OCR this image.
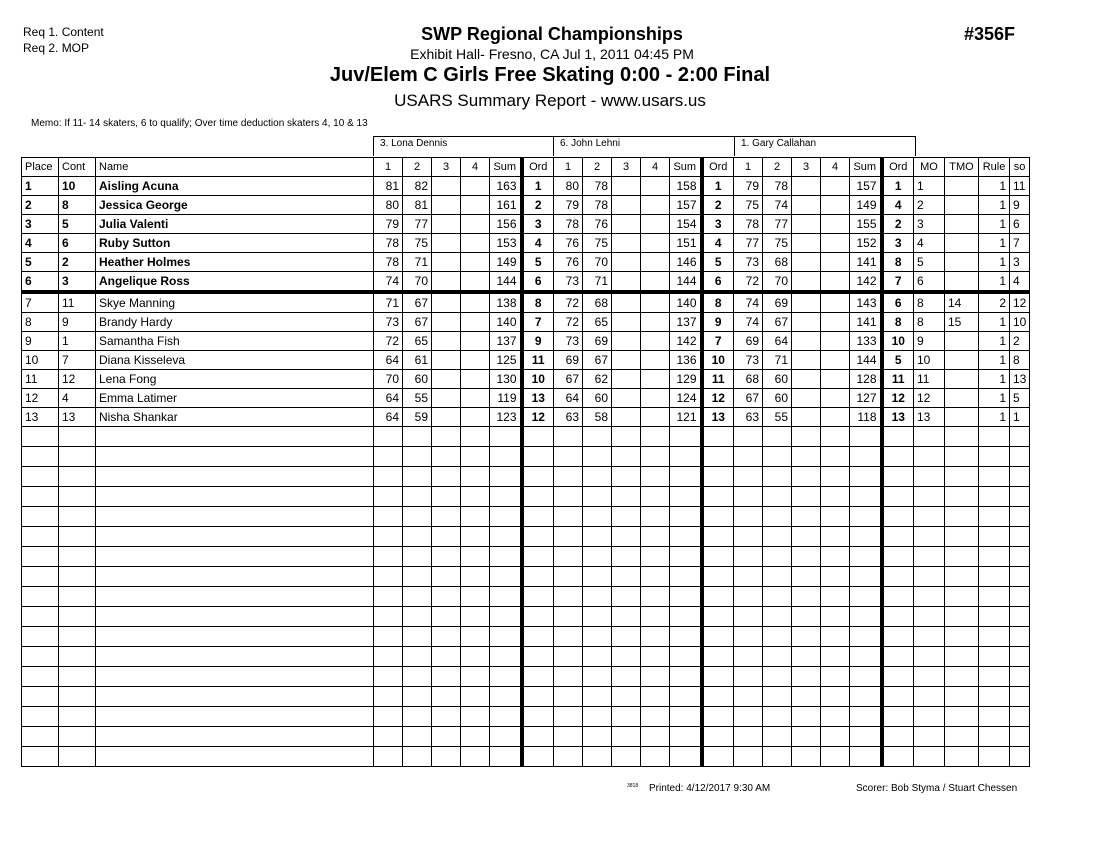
Req 1. Content
Req 2. MOP
SWP Regional Championships
Exhibit Hall- Fresno, CA Jul 1, 2011 04:45 PM
Juv/Elem C Girls Free Skating 0:00 - 2:00 Final
USARS Summary Report - www.usars.us
#356F
Memo: If 11- 14 skaters, 6 to qualify; Over time deduction skaters 4, 10 & 13
3. Lona Dennis	6. John Lehni	1. Gary Callahan
Place	Cont	Name	1	2	3	4	Sum	Ord	1	2	3	4	Sum	Ord	1	2	3	4	Sum	Ord	MO	TMO	Rule	so
1	10	Aisling Acuna	81	82			163	1	80	78			158	1	79	78			157	1	1		1	11
2	8	Jessica George	80	81			161	2	79	78			157	2	75	74			149	4	2		1	9
3	5	Julia Valenti	79	77			156	3	78	76			154	3	78	77			155	2	3		1	6
4	6	Ruby Sutton	78	75			153	4	76	75			151	4	77	75			152	3	4		1	7
5	2	Heather Holmes	78	71			149	5	76	70			146	5	73	68			141	8	5		1	3
6	3	Angelique Ross	74	70			144	6	73	71			144	6	72	70			142	7	6		1	4
7	11	Skye Manning	71	67			138	8	72	68			140	8	74	69			143	6	8	14	2	12
8	9	Brandy Hardy	73	67			140	7	72	65			137	9	74	67			141	8	8	15	1	10
9	1	Samantha Fish	72	65			137	9	73	69			142	7	69	64			133	10	9		1	2
10	7	Diana Kisseleva	64	61			125	11	69	67			136	10	73	71			144	5	10		1	8
11	12	Lena Fong	70	60			130	10	67	62			129	11	68	60			128	11	11		1	13
12	4	Emma Latimer	64	55			119	13	64	60			124	12	67	60			127	12	12		1	5
13	13	Nisha Shankar	64	59			123	12	63	58			121	13	63	55			118	13	13		1	1

3818 Printed: 4/12/2017 9:30 AM	Scorer: Bob Styma / Stuart Chessen
